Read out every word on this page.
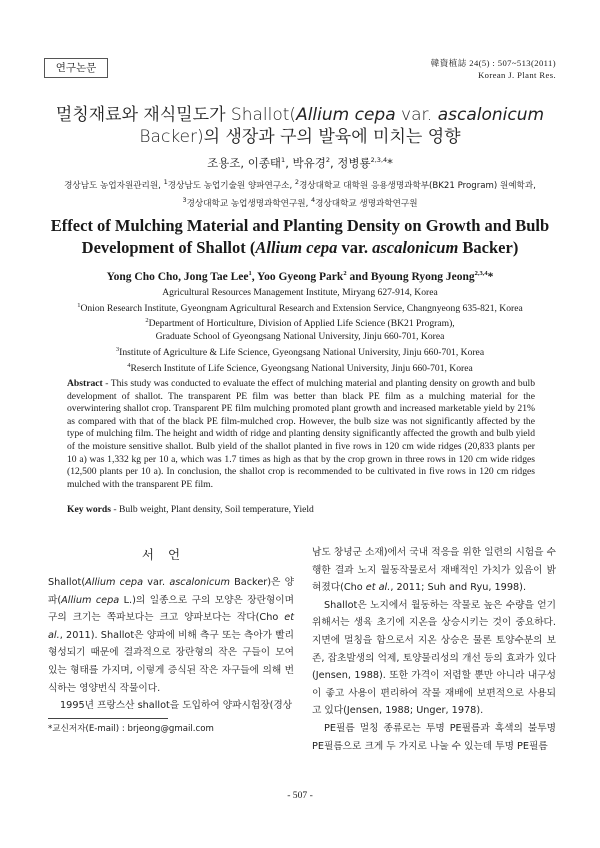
연구논문	韓資植誌 24(5) : 507~513(2011)
Korean J. Plant Res.
멀칭재료와 재식밀도가 Shallot(Allium cepa var. ascalonicum
Backer)의 생장과 구의 발육에 미치는 영향
조용조, 이종태$^1$, 박유경$^2$, 정병룡$^{2,3,4}$*
경상남도 농업자원관리원, $^1$경상남도 농업기술원 양파연구소, $^2$경상대학교 대학원 응용생명과학부(BK21 Program) 원예학과,
$^3$경상대학교 농업생명과학연구원, $^4$경상대학교 생명과학연구원
Effect of Mulching Material and Planting Density on Growth and Bulb
Development of Shallot (Allium cepa var. ascalonicum Backer)
Yong Cho Cho, Jong Tae Lee$^1$, Yoo Gyeong Park$^2$ and Byoung Ryong Jeong$^{2,3,4}$*
Agricultural Resources Management Institute, Miryang 627-914, Korea
$^1$Onion Research Institute, Gyeongnam Agricultural Research and Extension Service, Changnyeong 635-821, Korea
$^2$Department of Horticulture, Division of Applied Life Science (BK21 Program),
Graduate School of Gyeongsang National University, Jinju 660-701, Korea
$^3$Institute of Agriculture & Life Science, Gyeongsang National University, Jinju 660-701, Korea
$^4$Reserch Institute of Life Science, Gyeongsang National University, Jinju 660-701, Korea
Abstract - This study was conducted to evaluate the effect of mulching material and planting density on growth and bulb development of shallot. The transparent PE film was better than black PE film as a mulching material for the overwintering shallot crop. Transparent PE film mulching promoted plant growth and increased marketable yield by 21% as compared with that of the black PE film-mulched crop. However, the bulb size was not significantly affected by the type of mulching film. The height and width of ridge and planting density significantly affected the growth and bulb yield of the moisture sensitive shallot. Bulb yield of the shallot planted in five rows in 120 cm wide ridges (20,833 plants per 10 a) was 1,332 kg per 10 a, which was 1.7 times as high as that by the crop grown in three rows in 120 cm wide ridges (12,500 plants per 10 a). In conclusion, the shallot crop is recommended to be cultivated in five rows in 120 cm ridges mulched with the transparent PE film.
Key words - Bulb weight, Plant density, Soil temperature, Yield
서언

Shallot(Allium cepa var. ascalonicum Backer)은 양파(Allium cepa L.)의 일종으로 구의 모양은 장란형이며 구의 크기는 쪽파보다는 크고 양파보다는 작다(Cho et al., 2011). Shallot은 양파에 비해 측구 또는 측아가 빨리 형성되기 때문에 결과적으로 장란형의 작은 구들이 모여 있는 형태를 가지며, 이렇게 증식된 작은 자구들에 의해 번식하는 영양번식 작물이다.

1995년 프랑스산 shallot을 도입하여 양파시험장(경상

남도 창녕군 소재)에서 국내 적응을 위한 일련의 시험을 수행한 결과 노지 월동작물로서 재배적인 가치가 있음이 밝혀졌다(Cho et al., 2011; Suh and Ryu, 1998).

Shallot은 노지에서 월동하는 작물로 높은 수량을 얻기 위해서는 생육 초기에 지온을 상승시키는 것이 중요하다. 지면에 멀칭을 함으로서 지온 상승은 물론 토양수분의 보존, 잡초발생의 억제, 토양물리성의 개선 등의 효과가 있다(Jensen, 1988). 또한 가격이 저렴할 뿐만 아니라 내구성이 좋고 사용이 편리하여 작물 재배에 보편적으로 사용되고 있다(Jensen, 1988; Unger, 1978).

PE필름 멀칭 종류로는 투명 PE필름과 흑색의 불투명 PE필름으로 크게 두 가지로 나눌 수 있는데 투명 PE필름

*교신저자(E-mail) : brjeong@gmail.com
- 507 -
